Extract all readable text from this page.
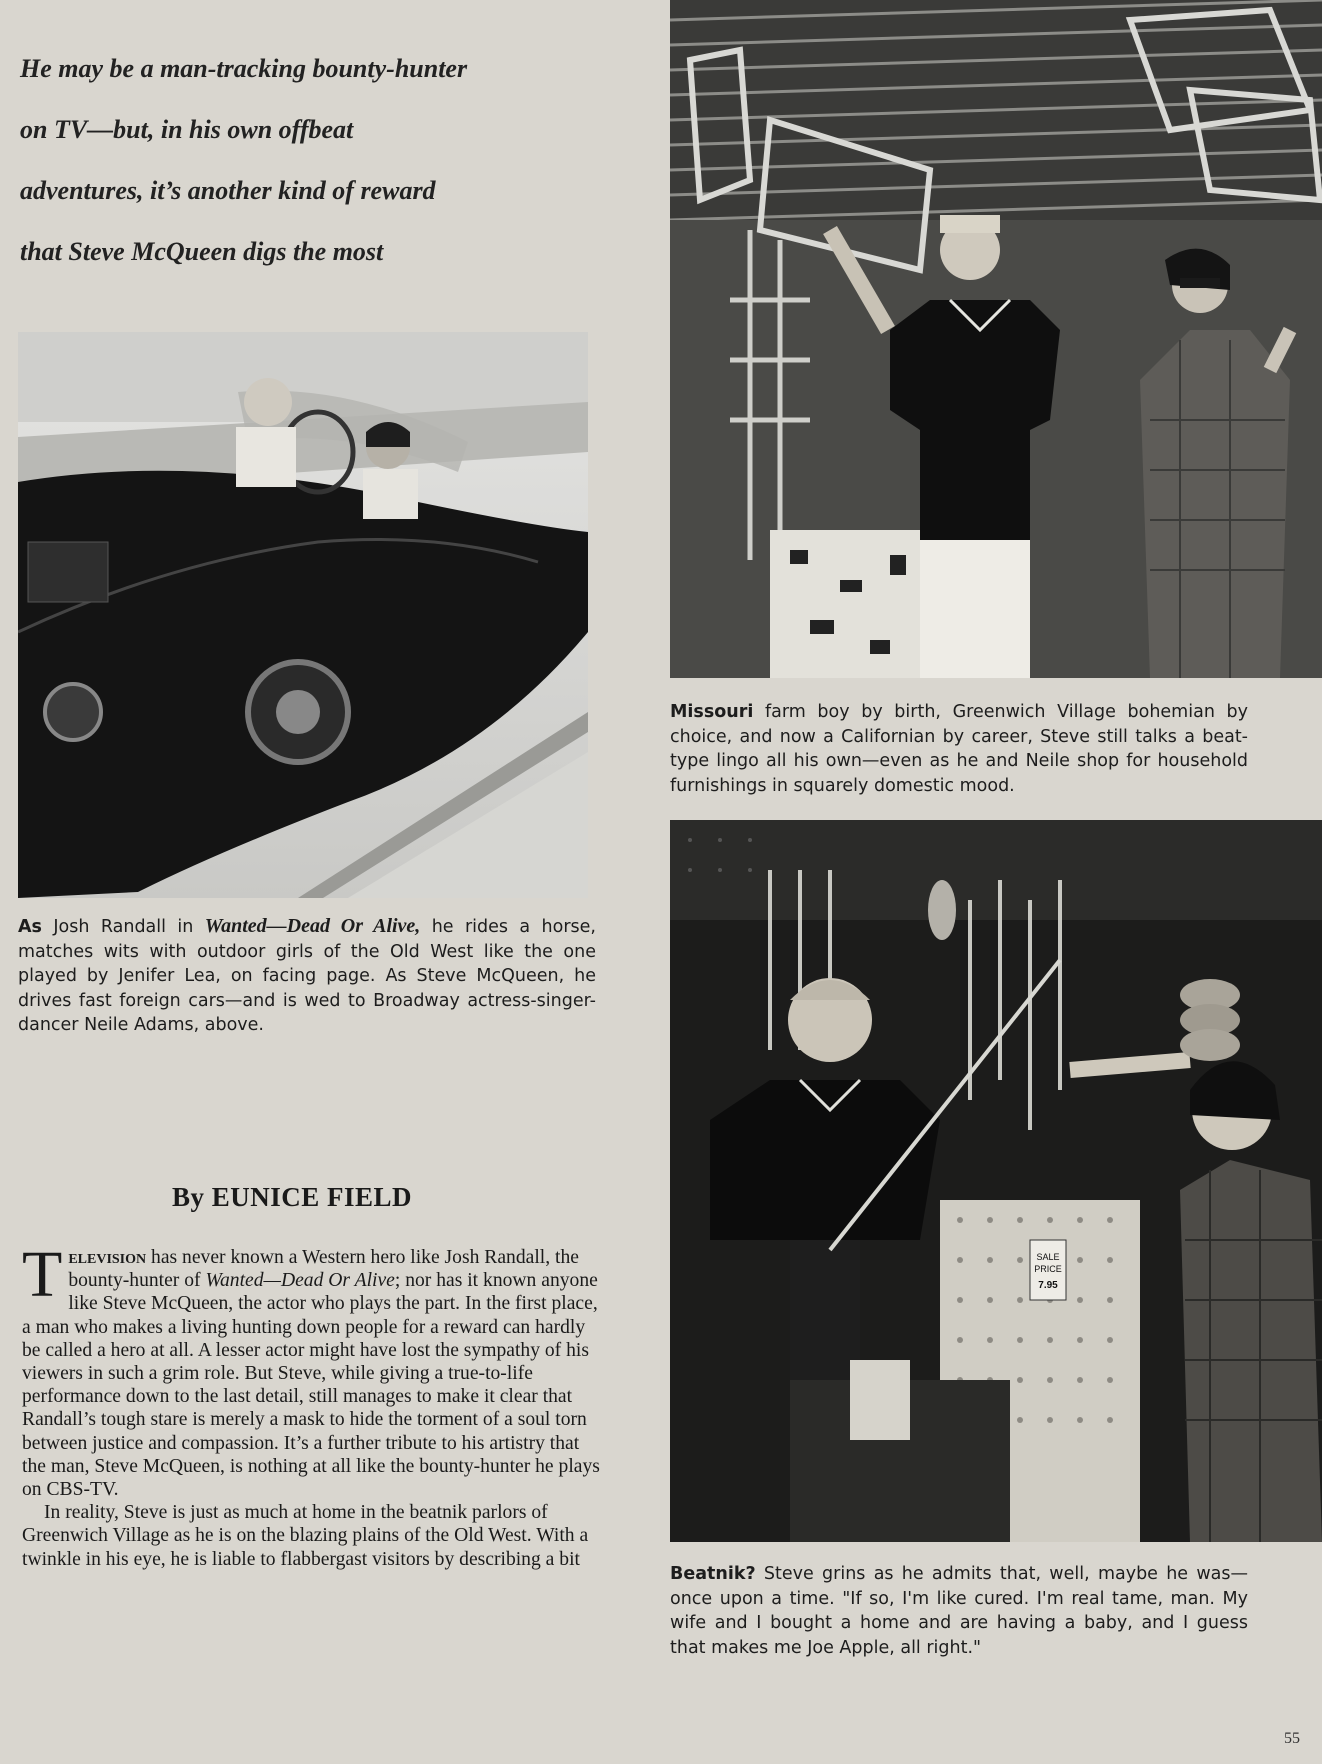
He may be a man-tracking bounty-hunter
on TV—but, in his own offbeat
adventures, it’s another kind of reward
that Steve McQueen digs the most
As Josh Randall in Wanted—Dead Or Alive, he rides a horse, matches wits with outdoor girls of the Old West like the one played by Jenifer Lea, on facing page. As Steve McQueen, he drives fast foreign cars—and is wed to Broadway actress-singer-dancer Neile Adams, above.
By EUNICE FIELD

Television has never known a Western hero like Josh Randall, the bounty-hunter of Wanted—Dead Or Alive; nor has it known anyone like Steve McQueen, the actor who plays the part. In the first place, a man who makes a living hunting down people for a reward can hardly be called a hero at all. A lesser actor might have lost the sympathy of his viewers in such a grim role. But Steve, while giving a true-to-life performance down to the last detail, still manages to make it clear that Randall’s tough stare is merely a mask to hide the torment of a soul torn between justice and compassion. It’s a further tribute to his artistry that the man, Steve McQueen, is nothing at all like the bounty-hunter he plays on CBS-TV.

In reality, Steve is just as much at home in the beatnik parlors of Greenwich Village as he is on the blazing plains of the Old West. With a twinkle in his eye, he is liable to flabbergast visitors by describing a bit

Missouri farm boy by birth, Greenwich Village bohemian by choice, and now a Californian by career, Steve still talks a beat-type lingo all his own—even as he and Neile shop for household furnishings in squarely domestic mood.
SALE
PRICE
7.95
Beatnik? Steve grins as he admits that, well, maybe he was—once upon a time. "If so, I'm like cured. I'm real tame, man. My wife and I bought a home and are having a baby, and I guess that makes me Joe Apple, all right."
55
